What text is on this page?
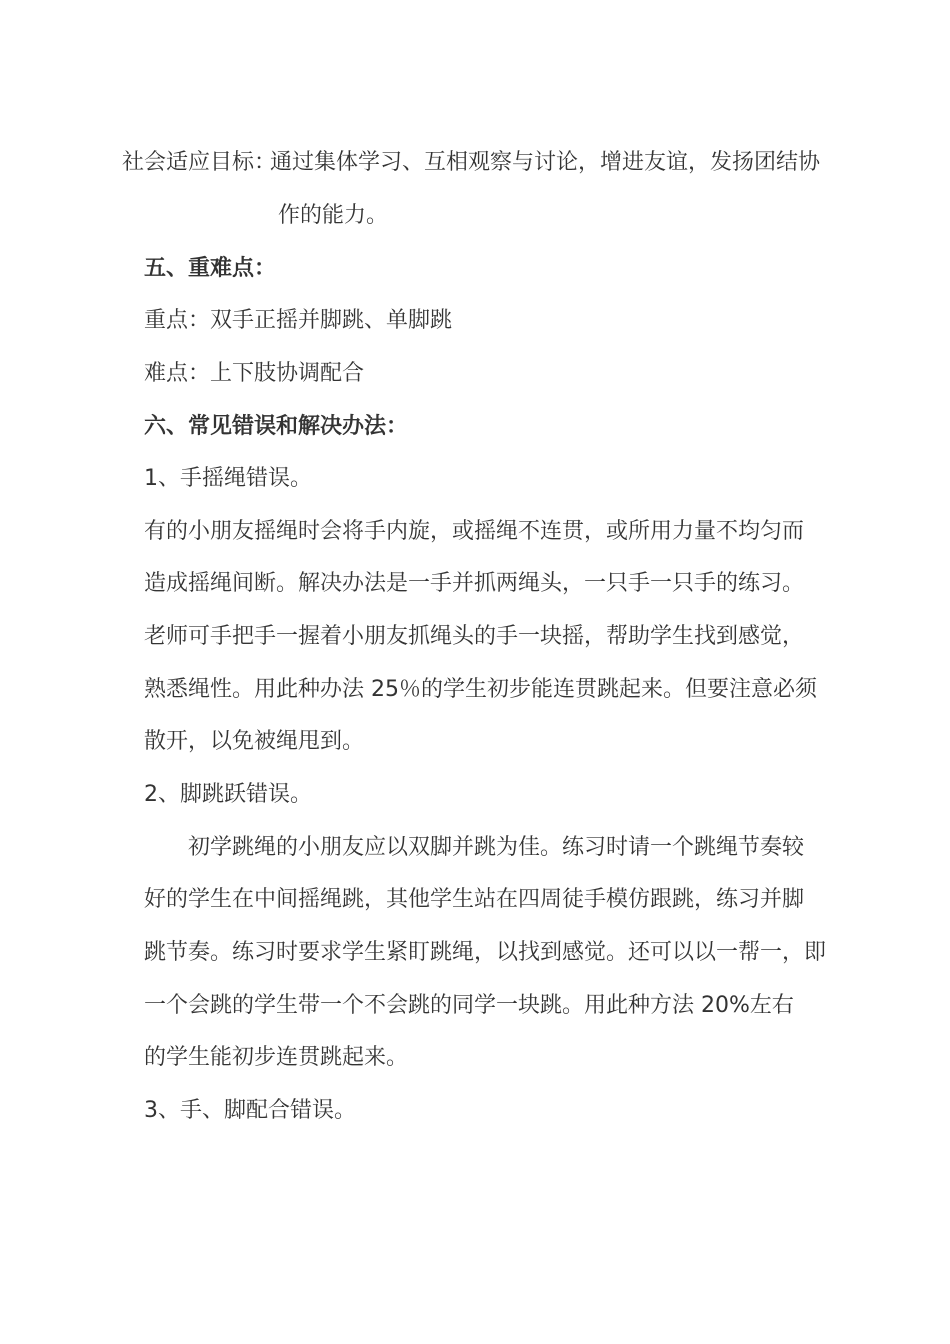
社会适应目标：
通过集体学习、互相观察与讨论，增进友谊，发扬团结协
作的能力。
五、重难点：
重点：双手正摇并脚跳、单脚跳
难点：上下肢协调配合
六、常见错误和解决办法：
1、手摇绳错误。
有的小朋友摇绳时会将手内旋，或摇绳不连贯，或所用力量不均匀而
造成摇绳间断。解决办法是一手并抓两绳头，一只手一只手的练习。
老师可手把手一握着小朋友抓绳头的手一块摇，帮助学生找到感觉，
熟悉绳性。用此种办法 25％的学生初步能连贯跳起来。但要注意必须
散开，以免被绳甩到。
2、脚跳跃错误。
初学跳绳的小朋友应以双脚并跳为佳。练习时请一个跳绳节奏较
好的学生在中间摇绳跳，其他学生站在四周徒手模仿跟跳，练习并脚
跳节奏。练习时要求学生紧盯跳绳，以找到感觉。还可以以一帮一，即
一个会跳的学生带一个不会跳的同学一块跳。用此种方法 20%左右
的学生能初步连贯跳起来。
3、手、脚配合错误。
